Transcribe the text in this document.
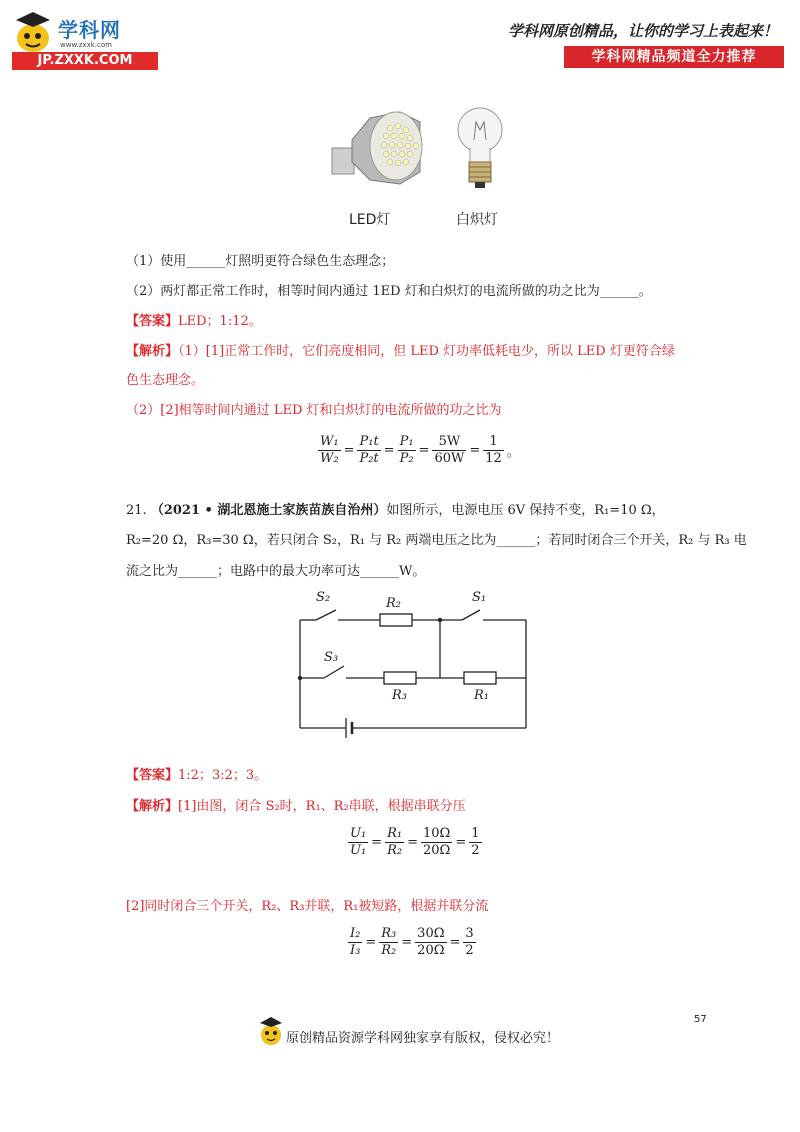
学科网
www.zxxk.com
JP.ZXXK.COM
学科网原创精品，让你的学习上表起来！
学科网精品频道全力推荐
LED灯	白炽灯
（1）使用______灯照明更符合绿色生态理念；
（2）两灯都正常工作时，相等时间内通过 1ED 灯和白炽灯的电流所做的功之比为______。
【答案】LED；1:12。
【解析】（1）[1]正常工作时，它们亮度相同，但 LED 灯功率低耗电少，所以 LED 灯更符合绿
色生态理念。
（2）[2]相等时间内通过 LED 灯和白炽灯的电流所做的功之比为
$\frac{\text{W₁}}{\text{W₂}} = \frac{\text{P₁t}}{\text{P₂t}} = \frac{\text{P₁}}{\text{P₂}} = \frac{5W}{60W} = \frac{1}{12}$ 。
21. （2021 • 湖北恩施土家族苗族自治州）如图所示，电源电压 6V 保持不变，R₁=10 Ω，
R₂=20 Ω，R₃=30 Ω，若只闭合 S₂，R₁ 与 R₂ 两端电压之比为______；若同时闭合三个开关，R₂ 与 R₃ 电
流之比为______；电路中的最大功率可达______W。
S₂	R₂	S₁
S₃
R₃	R₁
【答案】1:2；3:2；3。
【解析】[1]由图，闭合 S₂时，R₁、R₂串联，根据串联分压
$\frac{\text{U₁}}{\text{U₁}} = \frac{\text{R₁}}{\text{R₂}} = \frac{10\Omega}{20\Omega} = \frac{1}{2}$
[2]同时闭合三个开关，R₂、R₃并联，R₁被短路，根据并联分流
$\frac{\text{I₂}}{\text{I₃}} = \frac{\text{R₃}}{\text{R₂}} = \frac{30\Omega}{20\Omega} = \frac{3}{2}$
57
原创精品资源学科网独家享有版权，侵权必究！
